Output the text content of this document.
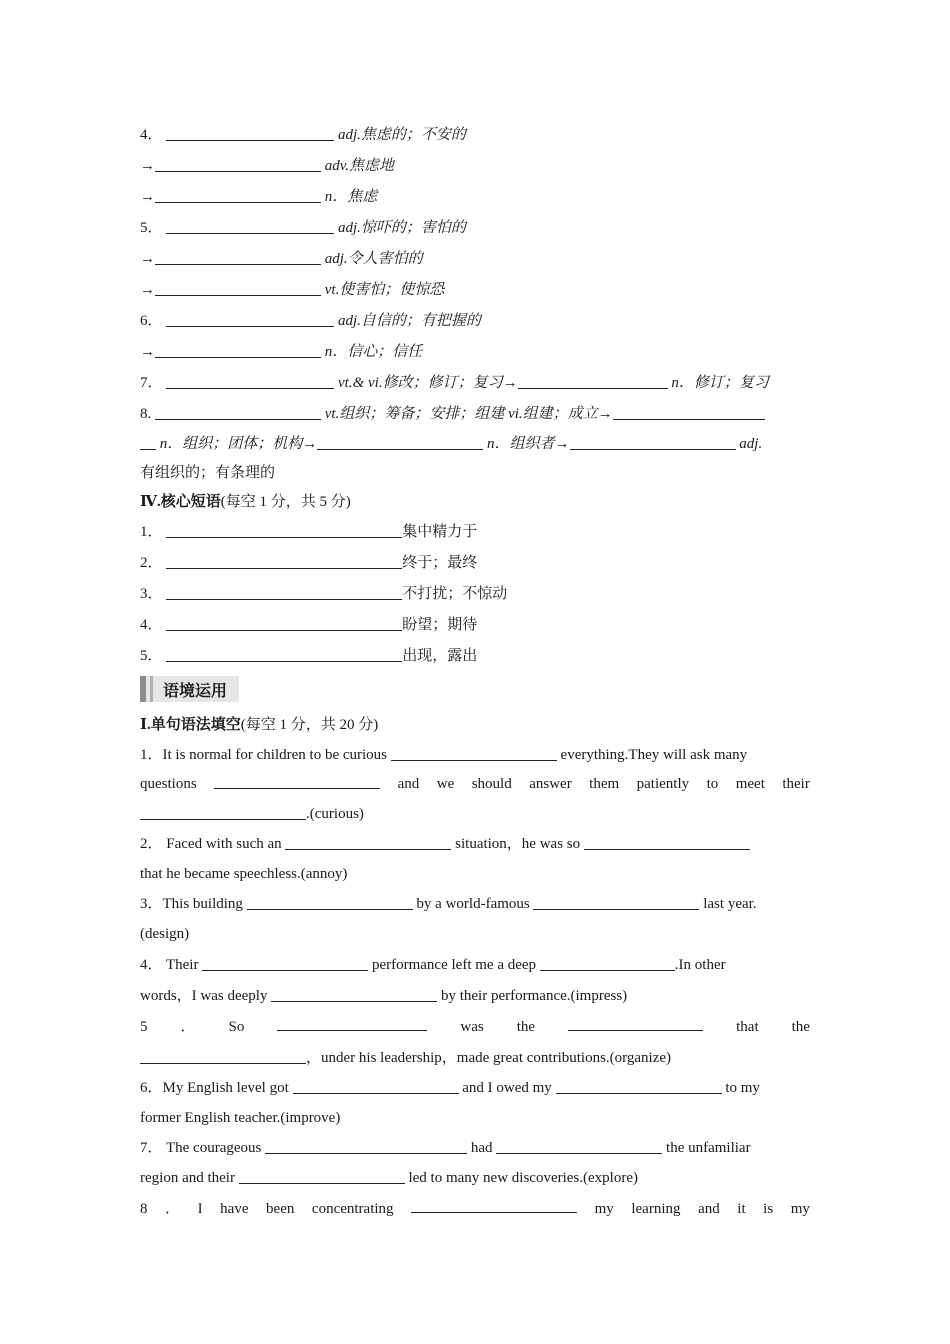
4．	adj.焦虑的；不安的
→	adv.焦虑地
→	n．焦虑
5．	adj.惊吓的；害怕的
→	adj.令人害怕的
→	vt.使害怕；使惊恐
6．	adj.自信的；有把握的
→	n．信心；信任
7．	vt.& vi.修改；修订；复习→	n．修订；复习
8.	vt.组织；筹备；安排；组建 vi.组建；成立→
n．组织；团体；机构→	n．组织者→	adj.
有组织的；有条理的
Ⅳ.核心短语(每空 1 分，共 5 分)
1．	集中精力于
2．	终于；最终
3．	不打扰；不惊动
4．	盼望；期待
5．	出现，露出
语境运用
Ⅰ.单句语法填空(每空 1 分，共 20 分)
1．It is normal for children to be curious	everything.They will ask many
questions	and we should answer them patiently to meet their
.(curious)
2． Faced with such an	situation，he was so
that he became speechless.(annoy)
3．This building	by a world-famous	last year.
(design)
4． Their	performance left me a deep	.In other
words，I was deeply	by their performance.(impress)
5 ． So	was the	that the
，under his leadership，made great contributions.(organize)
6．My English level got	and I owed my	to my
former English teacher.(improve)
7． The courageous	had	the unfamiliar
region and their	led to many new discoveries.(explore)
8 ． I have been concentrating	my learning and it is my
